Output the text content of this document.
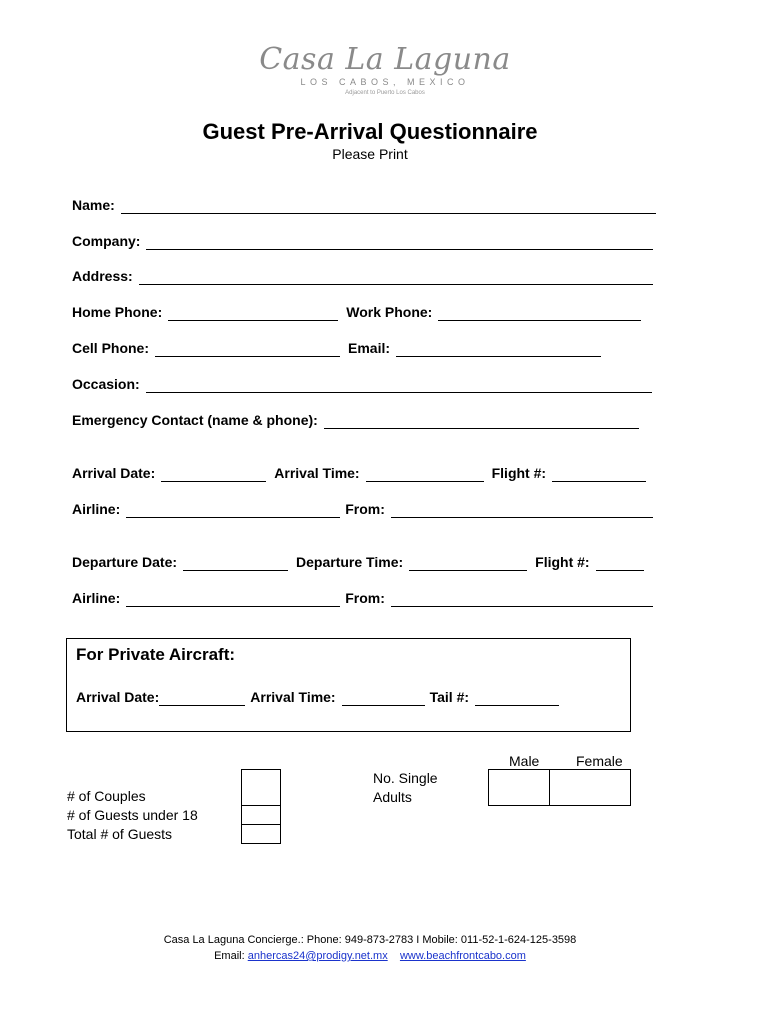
Casa La Laguna
LOS CABOS, MEXICO
Adjacent to Puerto Los Cabos
Guest Pre-Arrival Questionnaire
Please Print
Name:
Company:
Address:
Home Phone:	Work Phone:
Cell Phone:	Email:
Occasion:
Emergency Contact (name & phone):
Arrival Date:	Arrival Time:	Flight #:
Airline:	From:
Departure Date:	Departure Time:	Flight #:
Airline:	From:
For Private Aircraft:
Arrival Date:	Arrival Time:	Tail #:
# of Couples
# of Guests under 18
Total # of Guests
No. Single Adults
Male	Female
Casa La Laguna Concierge.: Phone: 949-873-2783 I Mobile: 011-52-1-624-125-3598
Email: anhercas24@prodigy.net.mx www.beachfrontcabo.com
